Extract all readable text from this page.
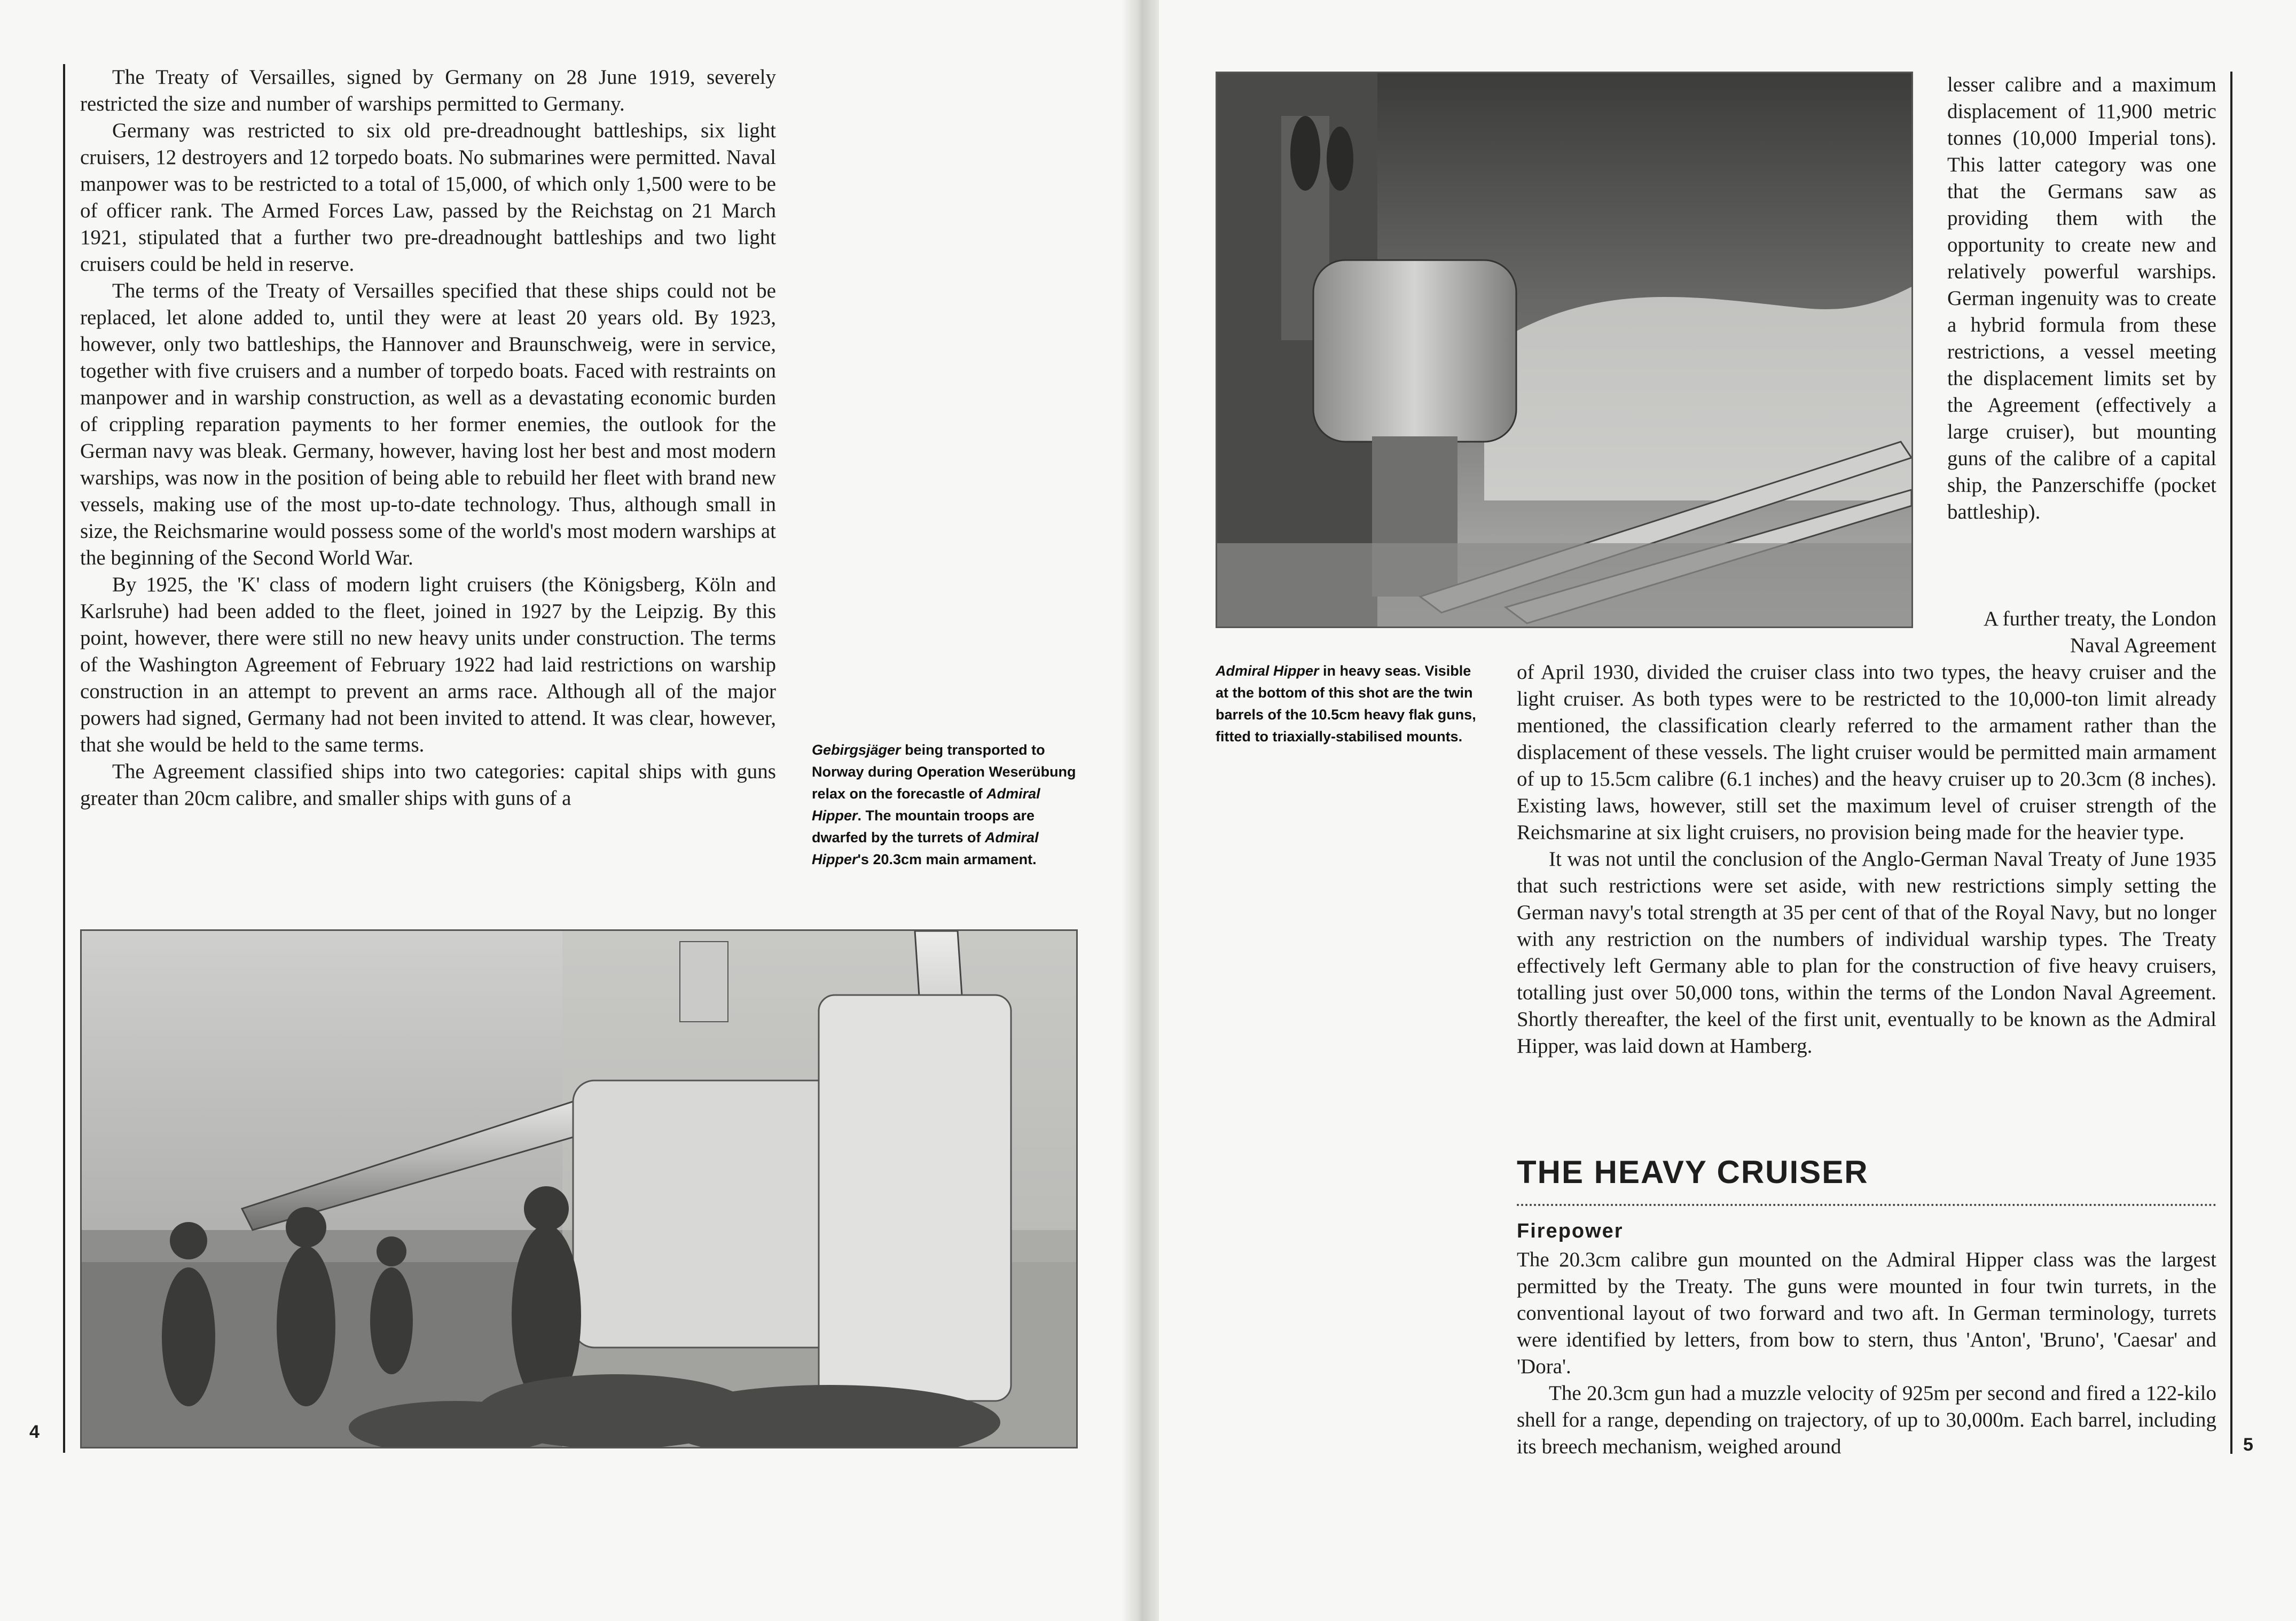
The Treaty of Versailles, signed by Germany on 28 June 1919, severely restricted the size and number of warships permitted to Germany.

Germany was restricted to six old pre-dreadnought battleships, six light cruisers, 12 destroyers and 12 torpedo boats. No submarines were permitted. Naval manpower was to be restricted to a total of 15,000, of which only 1,500 were to be of officer rank. The Armed Forces Law, passed by the Reichstag on 21 March 1921, stipulated that a further two pre-dreadnought battleships and two light cruisers could be held in reserve.

The terms of the Treaty of Versailles specified that these ships could not be replaced, let alone added to, until they were at least 20 years old. By 1923, however, only two battleships, the Hannover and Braunschweig, were in service, together with five cruisers and a number of torpedo boats. Faced with restraints on manpower and in warship construction, as well as a devastating economic burden of crippling reparation payments to her former enemies, the outlook for the German navy was bleak. Germany, however, having lost her best and most modern warships, was now in the position of being able to rebuild her fleet with brand new vessels, making use of the most up-to-date technology. Thus, although small in size, the Reichsmarine would possess some of the world's most modern warships at the beginning of the Second World War.

By 1925, the 'K' class of modern light cruisers (the Königsberg, Köln and Karlsruhe) had been added to the fleet, joined in 1927 by the Leipzig. By this point, however, there were still no new heavy units under construction. The terms of the Washington Agreement of February 1922 had laid restrictions on warship construction in an attempt to prevent an arms race. Although all of the major powers had signed, Germany had not been invited to attend. It was clear, however, that she would be held to the same terms.

The Agreement classified ships into two categories: capital ships with guns greater than 20cm calibre, and smaller ships with guns of a

Gebirgsjäger being transported to Norway during Operation Weserübung relax on the forecastle of Admiral Hipper. The mountain troops are dwarfed by the turrets of Admiral Hipper's 20.3cm main armament.
4
Admiral Hipper in heavy seas. Visible at the bottom of this shot are the twin barrels of the 10.5cm heavy flak guns, fitted to triaxially-stabilised mounts.

lesser calibre and a maximum displacement of 11,900 metric tonnes (10,000 Imperial tons). This latter category was one that the Germans saw as providing them with the opportunity to create new and relatively powerful warships. German ingenuity was to create a hybrid formula from these restrictions, a vessel meeting the displacement limits set by the Agreement (effectively a large cruiser), but mounting guns of the calibre of a capital ship, the Panzerschiffe (pocket battleship).

A further treaty, the London Naval Agreement

of April 1930, divided the cruiser class into two types, the heavy cruiser and the light cruiser. As both types were to be restricted to the 10,000-ton limit already mentioned, the classification clearly referred to the armament rather than the displacement of these vessels. The light cruiser would be permitted main armament of up to 15.5cm calibre (6.1 inches) and the heavy cruiser up to 20.3cm (8 inches). Existing laws, however, still set the maximum level of cruiser strength of the Reichsmarine at six light cruisers, no provision being made for the heavier type.

It was not until the conclusion of the Anglo-German Naval Treaty of June 1935 that such restrictions were set aside, with new restrictions simply setting the German navy's total strength at 35 per cent of that of the Royal Navy, but no longer with any restriction on the numbers of individual warship types. The Treaty effectively left Germany able to plan for the construction of five heavy cruisers, totalling just over 50,000 tons, within the terms of the London Naval Agreement. Shortly thereafter, the keel of the first unit, eventually to be known as the Admiral Hipper, was laid down at Hamberg.

THE HEAVY CRUISER
Firepower

The 20.3cm calibre gun mounted on the Admiral Hipper class was the largest permitted by the Treaty. The guns were mounted in four twin turrets, in the conventional layout of two forward and two aft. In German terminology, turrets were identified by letters, from bow to stern, thus 'Anton', 'Bruno', 'Caesar' and 'Dora'.

The 20.3cm gun had a muzzle velocity of 925m per second and fired a 122-kilo shell for a range, depending on trajectory, of up to 30,000m. Each barrel, including its breech mechanism, weighed around	5
